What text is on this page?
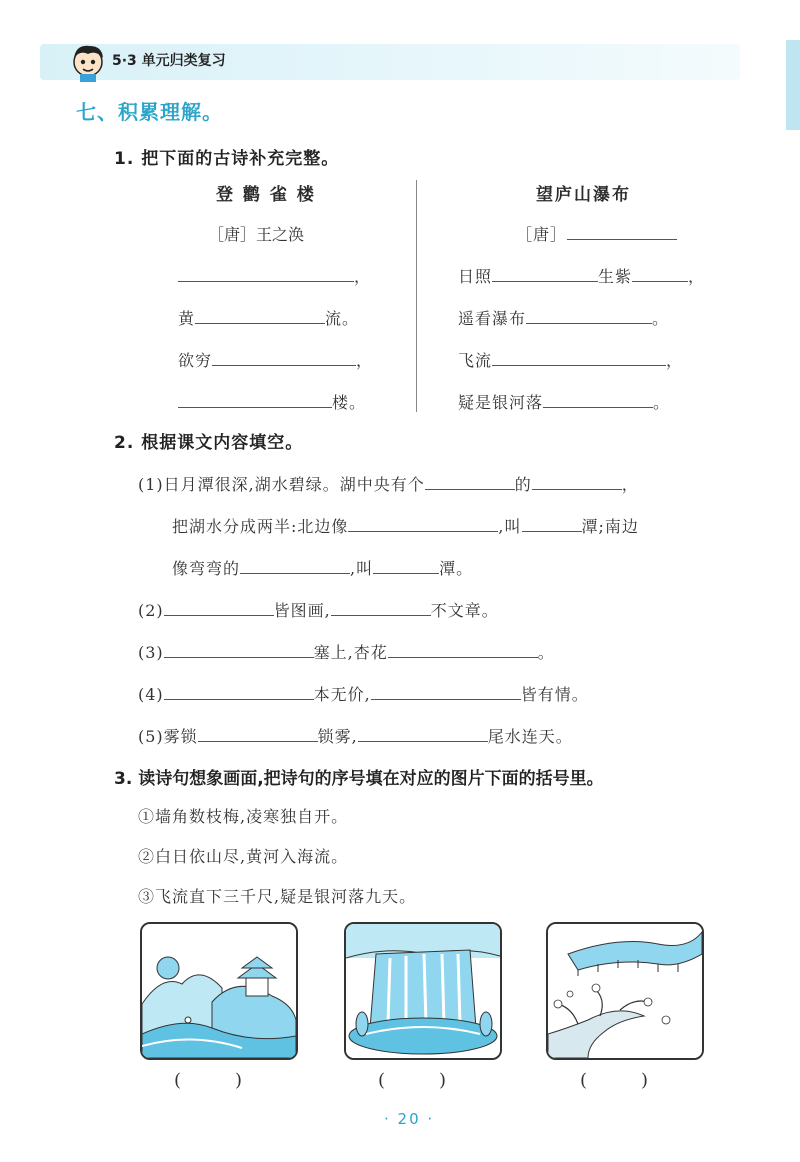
5·3 单元归类复习
七、积累理解。
1. 把下面的古诗补充完整。
登 鹳 雀 楼
［唐］王之涣
，
黄	流。
欲穷	，
楼。
望庐山瀑布
［唐］
日照	生紫	，
遥看瀑布	。
飞流	，
疑是银河落	。
2. 根据课文内容填空。
(1)日月潭很深,湖水碧绿。湖中央有个	的	，
把湖水分成两半:北边像	,叫	潭;南边
像弯弯的	,叫	潭。
(2)	皆图画,	不文章。
(3)	塞上,杏花	。
(4)	本无价,	皆有情。
(5)雾锁	锁雾,	尾水连天。
3. 读诗句想象画面,把诗句的序号填在对应的图片下面的括号里。
①墙角数枝梅,凌寒独自开。
②白日依山尽,黄河入海流。
③飞流直下三千尺,疑是银河落九天。
(　　　)	(　　　)	(　　　)
· 20 ·
